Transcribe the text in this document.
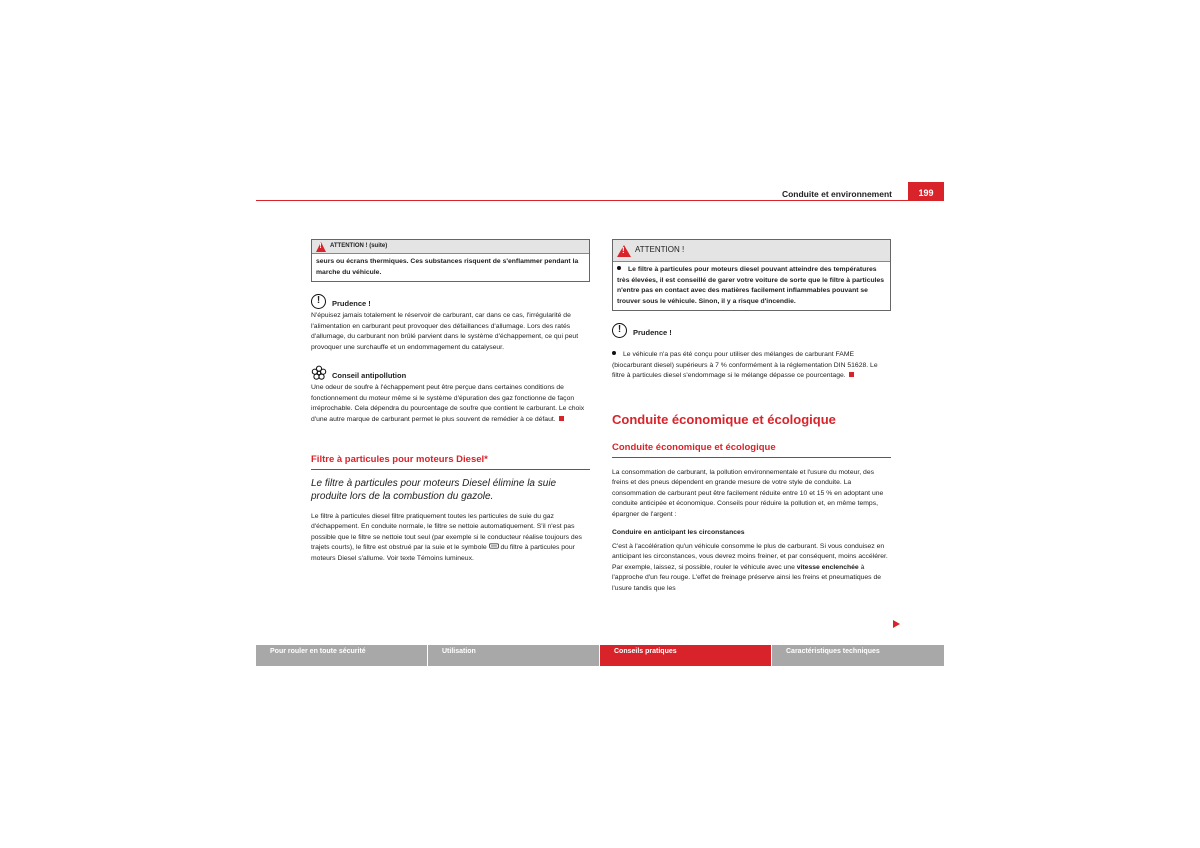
Conduite et environnement	199
!
ATTENTION ! (suite)
seurs ou écrans thermiques. Ces substances risquent de s'enflammer pendant la marche du véhicule.
!	Prudence !

N'épuisez jamais totalement le réservoir de carburant, car dans ce cas, l'irrégularité de l'alimentation en carburant peut provoquer des défaillances d'allumage. Lors des ratés d'allumage, du carburant non brûlé parvient dans le système d'échappement, ce qui peut provoquer une surchauffe et un endommagement du catalyseur.

Conseil antipollution

Une odeur de soufre à l'échappement peut être perçue dans certaines conditions de fonctionnement du moteur même si le système d'épuration des gaz fonctionne de façon irréprochable. Cela dépendra du pourcentage de soufre que contient le carburant. Le choix d'une autre marque de carburant permet le plus souvent de remédier à ce défaut.

Filtre à particules pour moteurs Diesel*

Le filtre à particules pour moteurs Diesel élimine la suie produite lors de la combustion du gazole.

Le filtre à particules diesel filtre pratiquement toutes les particules de suie du gaz d'échappement. En conduite normale, le filtre se nettoie automatiquement. S'il n'est pas possible que le filtre se nettoie tout seul (par exemple si le conducteur réalise toujours des trajets courts), le filtre est obstrué par la suie et le symbole du filtre à particules pour moteurs Diesel s'allume. Voir texte Témoins lumineux.

!
ATTENTION !
Le filtre à particules pour moteurs diesel pouvant atteindre des températures très élevées, il est conseillé de garer votre voiture de sorte que le filtre à particules n'entre pas en contact avec des matières facilement inflammables pouvant se trouver sous le véhicule. Sinon, il y a risque d'incendie.
!	Prudence !

Le véhicule n'a pas été conçu pour utiliser des mélanges de carburant FAME (biocarburant diesel) supérieurs à 7 % conformément à la réglementation DIN 51628. Le filtre à particules diesel s'endommage si le mélange dépasse ce pourcentage.

Conduite économique et écologique
Conduite économique et écologique

La consommation de carburant, la pollution environnementale et l'usure du moteur, des freins et des pneus dépendent en grande mesure de votre style de conduite. La consommation de carburant peut être facilement réduite entre 10 et 15 % en adoptant une conduite anticipée et économique. Conseils pour réduire la pollution et, en même temps, épargner de l'argent :

Conduire en anticipant les circonstances

C'est à l'accélération qu'un véhicule consomme le plus de carburant. Si vous conduisez en anticipant les circonstances, vous devrez moins freiner, et par conséquent, moins accélérer. Par exemple, laissez, si possible, rouler le véhicule avec une vitesse enclenchée à l'approche d'un feu rouge. L'effet de freinage préserve ainsi les freins et pneumatiques de l'usure tandis que les

Pour rouler en toute sécurité	Utilisation	Conseils pratiques	Caractéristiques techniques
